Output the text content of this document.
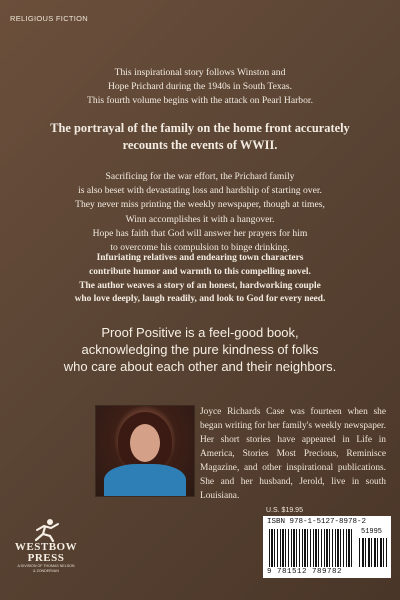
RELIGIOUS FICTION
This inspirational story follows Winston and
Hope Prichard during the 1940s in South Texas.
This fourth volume begins with the attack on Pearl Harbor.
The portrayal of the family on the home front accurately
recounts the events of WWII.
Sacrificing for the war effort, the Prichard family
is also beset with devastating loss and hardship of starting over.
They never miss printing the weekly newspaper, though at times,
Winn accomplishes it with a hangover.
Hope has faith that God will answer her prayers for him
to overcome his compulsion to binge drinking.
Infuriating relatives and endearing town characters
contribute humor and warmth to this compelling novel.
The author weaves a story of an honest, hardworking couple
who love deeply, laugh readily, and look to God for every need.
Proof Positive is a feel-good book,
acknowledging the pure kindness of folks
who care about each other and their neighbors.
Joyce Richards Case was fourteen when she began writing for her family's weekly newspaper. Her short stories have appeared in Life in America, Stories Most Precious, Reminisce Magazine, and other inspirational publications. She and her husband, Jerold, live in south Louisiana.
U.S. $19.95
ISBN 978-1-5127-8978-2
51995
9 781512 789782
WESTBOW
PRESS
A DIVISION OF THOMAS NELSON
& ZONDERVAN
